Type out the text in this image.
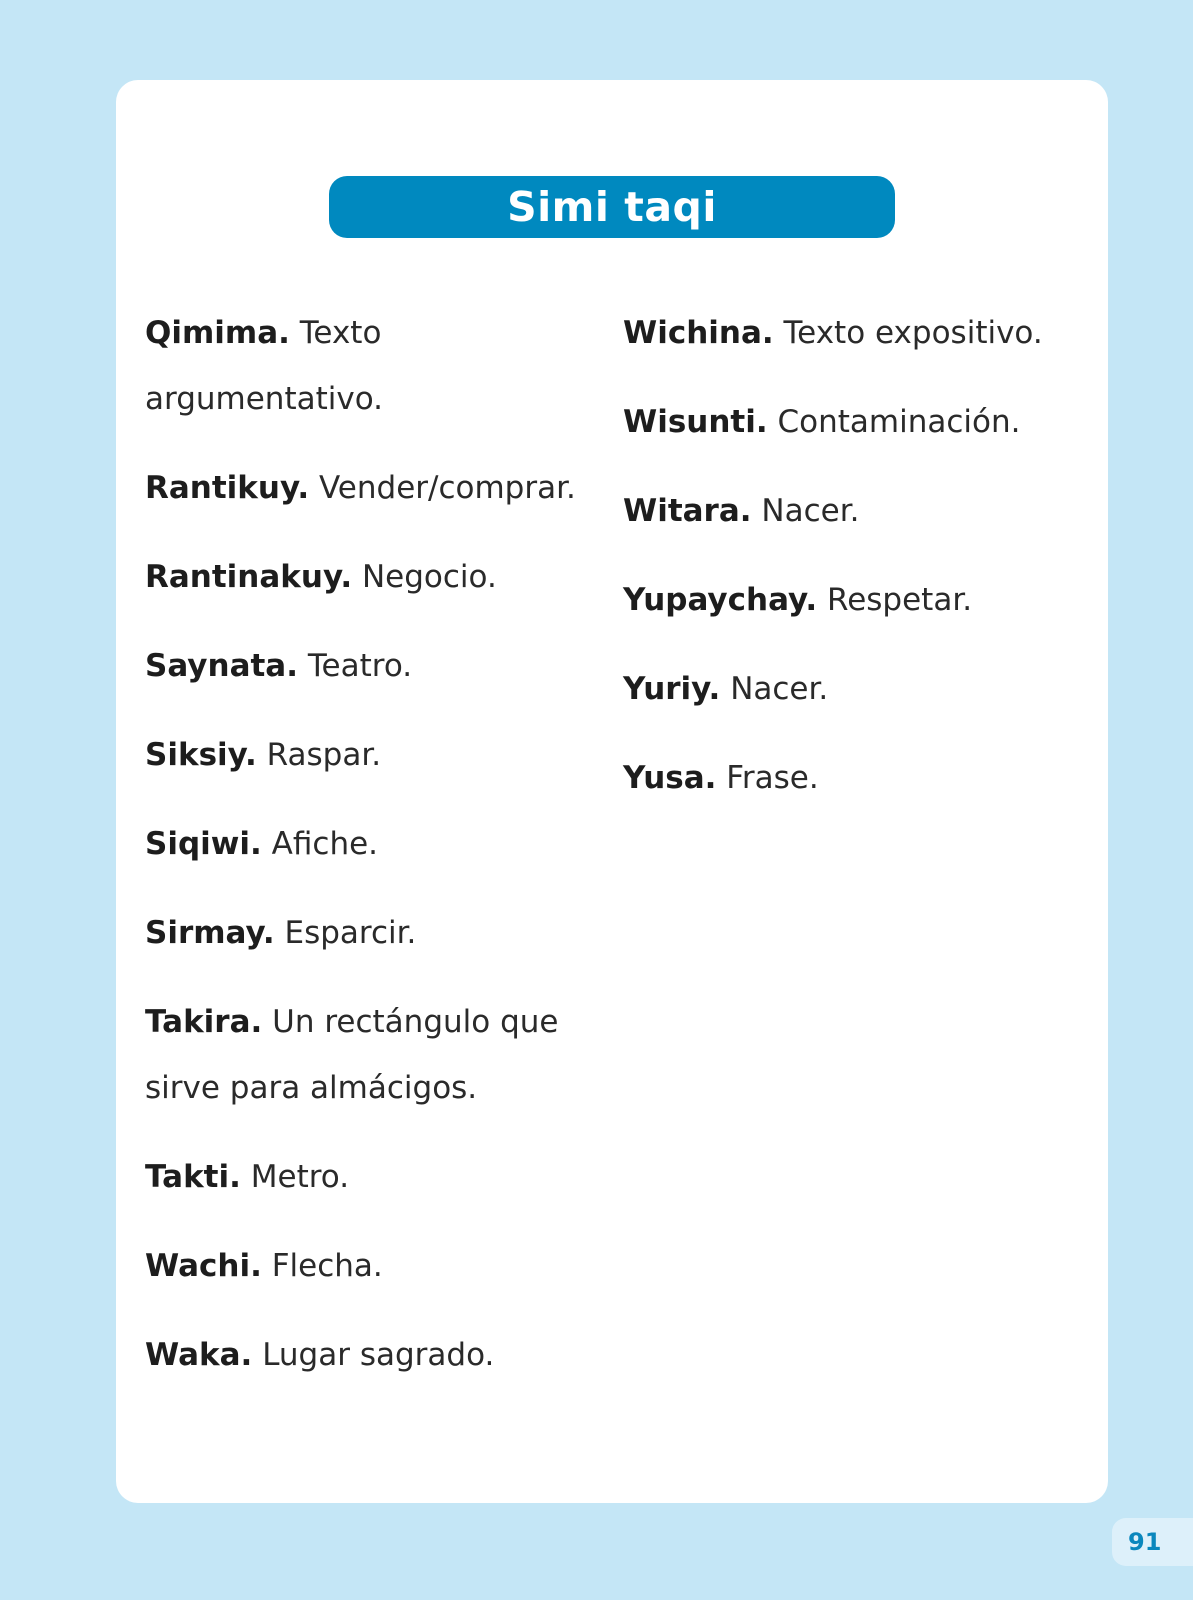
Simi taqi
Qimima. Texto argumentativo.
Rantikuy. Vender/comprar.
Rantinakuy. Negocio.
Saynata. Teatro.
Siksiy. Raspar.
Siqiwi. Afiche.
Sirmay. Esparcir.
Takira. Un rectángulo que sirve para almácigos.
Takti. Metro.
Wachi. Flecha.
Waka. Lugar sagrado.
Wichina. Texto expositivo.
Wisunti. Contaminación.
Witara. Nacer.
Yupaychay. Respetar.
Yuriy. Nacer.
Yusa. Frase.
91
